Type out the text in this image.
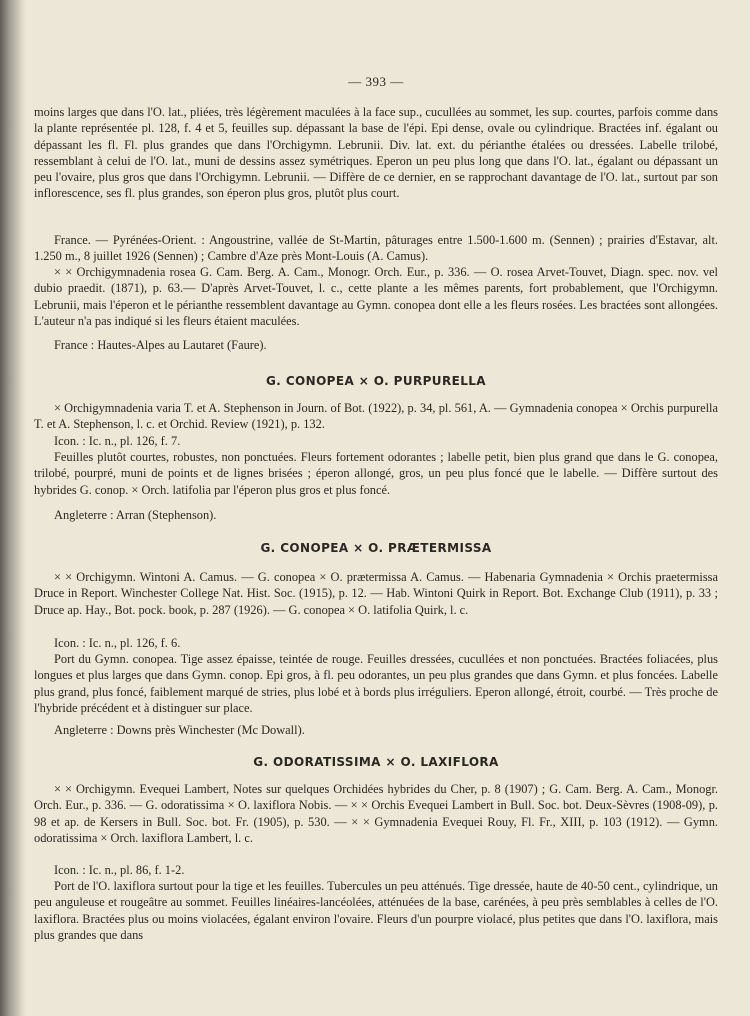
— 393 —

moins larges que dans l'O. lat., pliées, très légèrement maculées à la face sup., cucullées au sommet, les sup. courtes, parfois comme dans la plante représentée pl. 128, f. 4 et 5, feuilles sup. dépassant la base de l'épi. Epi dense, ovale ou cylindrique. Bractées inf. égalant ou dépassant les fl. Fl. plus grandes que dans l'Orchigymn. Lebrunii. Div. lat. ext. du périanthe étalées ou dressées. Labelle trilobé, ressemblant à celui de l'O. lat., muni de dessins assez symétriques. Eperon un peu plus long que dans l'O. lat., égalant ou dépassant un peu l'ovaire, plus gros que dans l'Orchigymn. Lebrunii. — Diffère de ce dernier, en se rapprochant davantage de l'O. lat., surtout par son inflorescence, ses fl. plus grandes, son éperon plus gros, plutôt plus court.

France. — Pyrénées-Orient. : Angoustrine, vallée de St-Martin, pâturages entre 1.500-1.600 m. (Sennen) ; prairies d'Estavar, alt. 1.250 m., 8 juillet 1926 (Sennen) ; Cambre d'Aze près Mont-Louis (A. Camus).

× × Orchigymnadenia rosea G. Cam. Berg. A. Cam., Monogr. Orch. Eur., p. 336. — O. rosea Arvet-Touvet, Diagn. spec. nov. vel dubio praedit. (1871), p. 63.— D'après Arvet-Touvet, l. c., cette plante a les mêmes parents, fort probablement, que l'Orchigymn. Lebrunii, mais l'éperon et le périanthe ressemblent davantage au Gymn. conopea dont elle a les fleurs rosées. Les bractées sont allongées. L'auteur n'a pas indiqué si les fleurs étaient maculées.

France : Hautes-Alpes au Lautaret (Faure).

G. CONOPEA × O. PURPURELLA

× Orchigymnadenia varia T. et A. Stephenson in Journ. of Bot. (1922), p. 34, pl. 561, A. — Gymnadenia conopea × Orchis purpurella T. et A. Stephenson, l. c. et Orchid. Review (1921), p. 132.

Icon. : Ic. n., pl. 126, f. 7.

Feuilles plutôt courtes, robustes, non ponctuées. Fleurs fortement odorantes ; labelle petit, bien plus grand que dans le G. conopea, trilobé, pourpré, muni de points et de lignes brisées ; éperon allongé, gros, un peu plus foncé que le labelle. — Diffère surtout des hybrides G. conop. × Orch. latifolia par l'éperon plus gros et plus foncé.

Angleterre : Arran (Stephenson).

G. CONOPEA × O. PRÆTERMISSA

× × Orchigymn. Wintoni A. Camus. — G. conopea × O. prætermissa A. Camus. — Habenaria Gymnadenia × Orchis praetermissa Druce in Report. Winchester College Nat. Hist. Soc. (1915), p. 12. — Hab. Wintoni Quirk in Report. Bot. Exchange Club (1911), p. 33 ; Druce ap. Hay., Bot. pock. book, p. 287 (1926). — G. conopea × O. latifolia Quirk, l. c.

Icon. : Ic. n., pl. 126, f. 6.

Port du Gymn. conopea. Tige assez épaisse, teintée de rouge. Feuilles dressées, cucullées et non ponctuées. Bractées foliacées, plus longues et plus larges que dans Gymn. conop. Epi gros, à fl. peu odorantes, un peu plus grandes que dans Gymn. et plus foncées. Labelle plus grand, plus foncé, faiblement marqué de stries, plus lobé et à bords plus irréguliers. Eperon allongé, étroit, courbé. — Très proche de l'hybride précédent et à distinguer sur place.

Angleterre : Downs près Winchester (Mc Dowall).

G. ODORATISSIMA × O. LAXIFLORA

× × Orchigymn. Evequei Lambert, Notes sur quelques Orchidées hybrides du Cher, p. 8 (1907) ; G. Cam. Berg. A. Cam., Monogr. Orch. Eur., p. 336. — G. odoratissima × O. laxiflora Nobis. — × × Orchis Evequei Lambert in Bull. Soc. bot. Deux-Sèvres (1908-09), p. 98 et ap. de Kersers in Bull. Soc. bot. Fr. (1905), p. 530. — × × Gymnadenia Evequei Rouy, Fl. Fr., XIII, p. 103 (1912). — Gymn. odoratissima × Orch. laxiflora Lambert, l. c.

Icon. : Ic. n., pl. 86, f. 1-2.

Port de l'O. laxiflora surtout pour la tige et les feuilles. Tubercules un peu atténués. Tige dressée, haute de 40-50 cent., cylindrique, un peu anguleuse et rougeâtre au sommet. Feuilles linéaires-lancéolées, atténuées de la base, carénées, à peu près semblables à celles de l'O. laxiflora. Bractées plus ou moins violacées, égalant environ l'ovaire. Fleurs d'un pourpre violacé, plus petites que dans l'O. laxiflora, mais plus grandes que dans
